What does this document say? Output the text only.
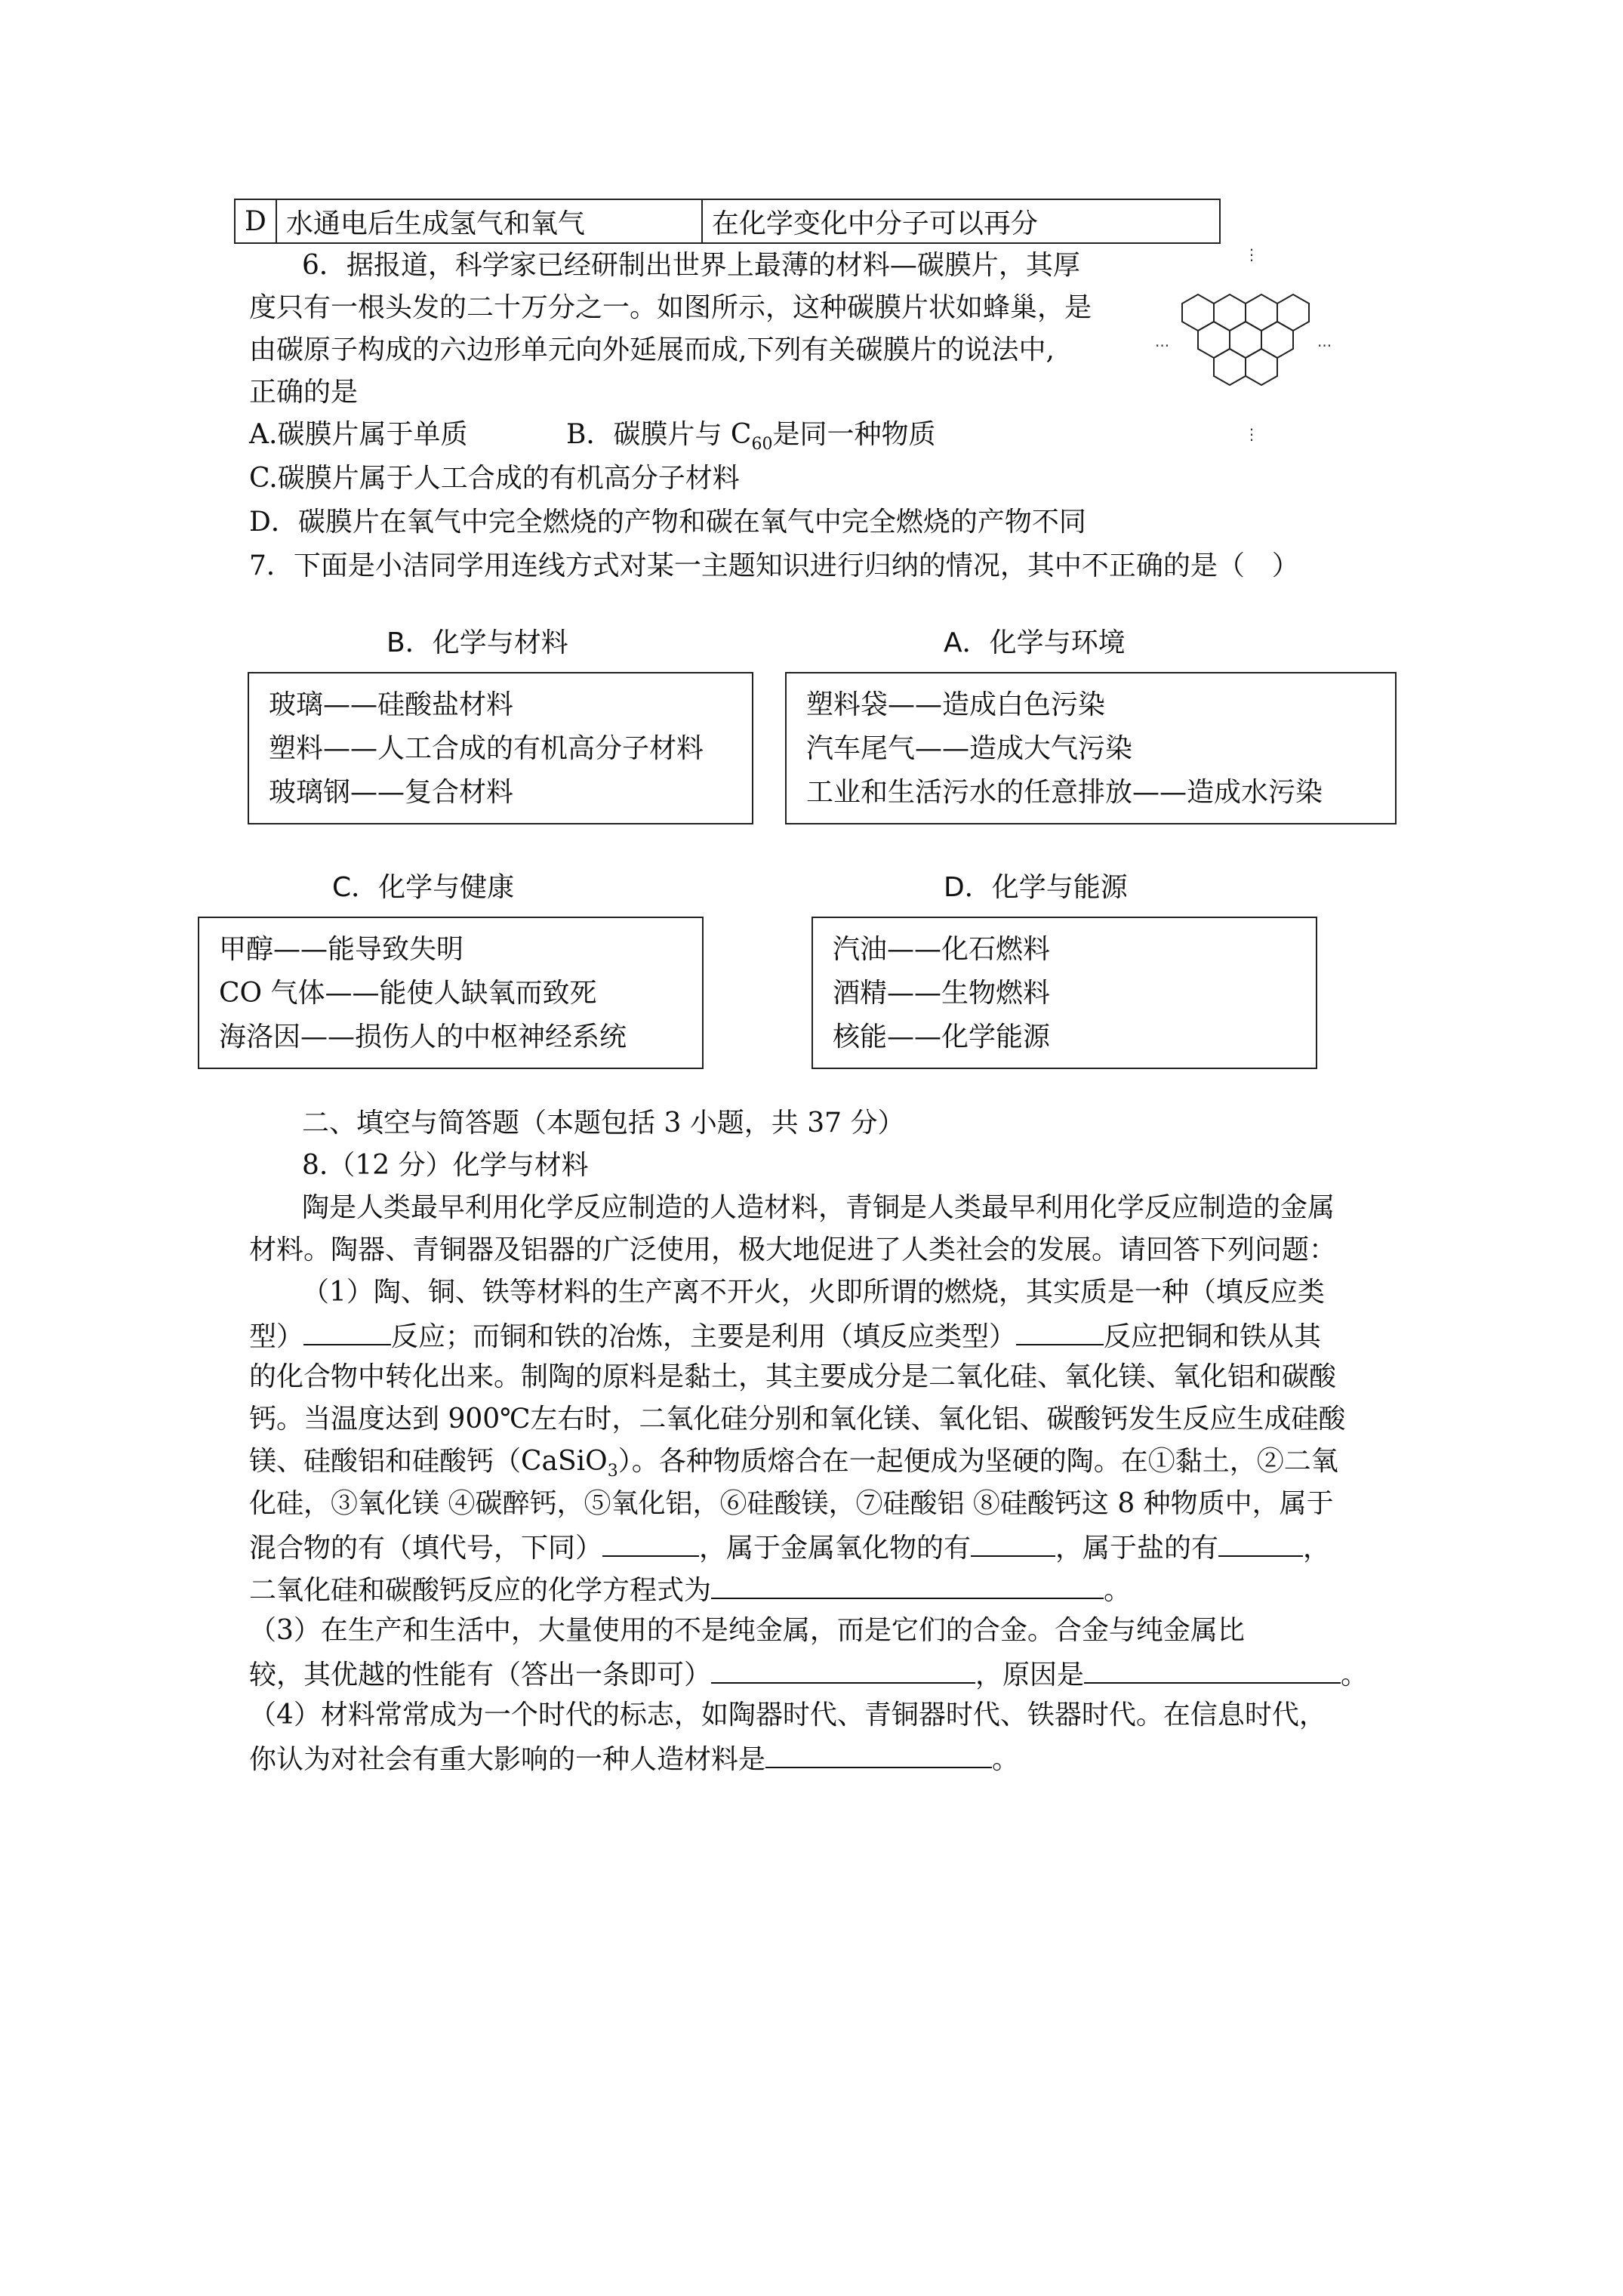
D	水通电后生成氢气和氧气	在化学变化中分子可以再分
6．据报道，科学家已经研制出世界上最薄的材料—碳膜片，其厚
度只有一根头发的二十万分之一。如图所示，这种碳膜片状如蜂巢，是
由碳原子构成的六边形单元向外延展而成,下列有关碳膜片的说法中,
正确的是
⋮
⋮
···	···
A.碳膜片属于单质	B．碳膜片与 $C_{60}$是同一种物质
C.碳膜片属于人工合成的有机高分子材料
D．碳膜片在氧气中完全燃烧的产物和碳在氧气中完全燃烧的产物不同
7．下面是小洁同学用连线方式对某一主题知识进行归纳的情况，其中不正确的是（　）
B．化学与材料
玻璃——硅酸盐材料
塑料——人工合成的有机高分子材料
玻璃钢——复合材料
A．化学与环境
塑料袋——造成白色污染
汽车尾气——造成大气污染
工业和生活污水的任意排放——造成水污染
C．化学与健康
甲醇——能导致失明
CO 气体——能使人缺氧而致死
海洛因——损伤人的中枢神经系统
D．化学与能源
汽油——化石燃料
酒精——生物燃料
核能——化学能源
二、填空与简答题（本题包括 3 小题，共 37 分）
8.（12 分）化学与材料
陶是人类最早利用化学反应制造的人造材料，青铜是人类最早利用化学反应制造的金属
材料。陶器、青铜器及铝器的广泛使用，极大地促进了人类社会的发展。请回答下列问题：
（1）陶、铜、铁等材料的生产离不开火，火即所谓的燃烧，其实质是一种（填反应类
型）	反应；而铜和铁的冶炼，主要是利用（填反应类型）	反应把铜和铁从其
的化合物中转化出来。制陶的原料是黏土，其主要成分是二氧化硅、氧化镁、氧化铝和碳酸
钙。当温度达到 900℃左右时，二氧化硅分别和氧化镁、氧化铝、碳酸钙发生反应生成硅酸
镁、硅酸铝和硅酸钙（CaSiO$_3$）。各种物质熔合在一起便成为坚硬的陶。在①黏土，②二氧
化硅，③氧化镁 ④碳醉钙，⑤氧化铝，⑥硅酸镁，⑦硅酸铝 ⑧硅酸钙这 8 种物质中，属于
混合物的有（填代号，下同）	，属于金属氧化物的有	，属于盐的有	，
二氧化硅和碳酸钙反应的化学方程式为	。
（3）在生产和生活中，大量使用的不是纯金属，而是它们的合金。合金与纯金属比
较，其优越的性能有（答出一条即可）	，原因是	。
（4）材料常常成为一个时代的标志，如陶器时代、青铜器时代、铁器时代。在信息时代，
你认为对社会有重大影响的一种人造材料是	。
